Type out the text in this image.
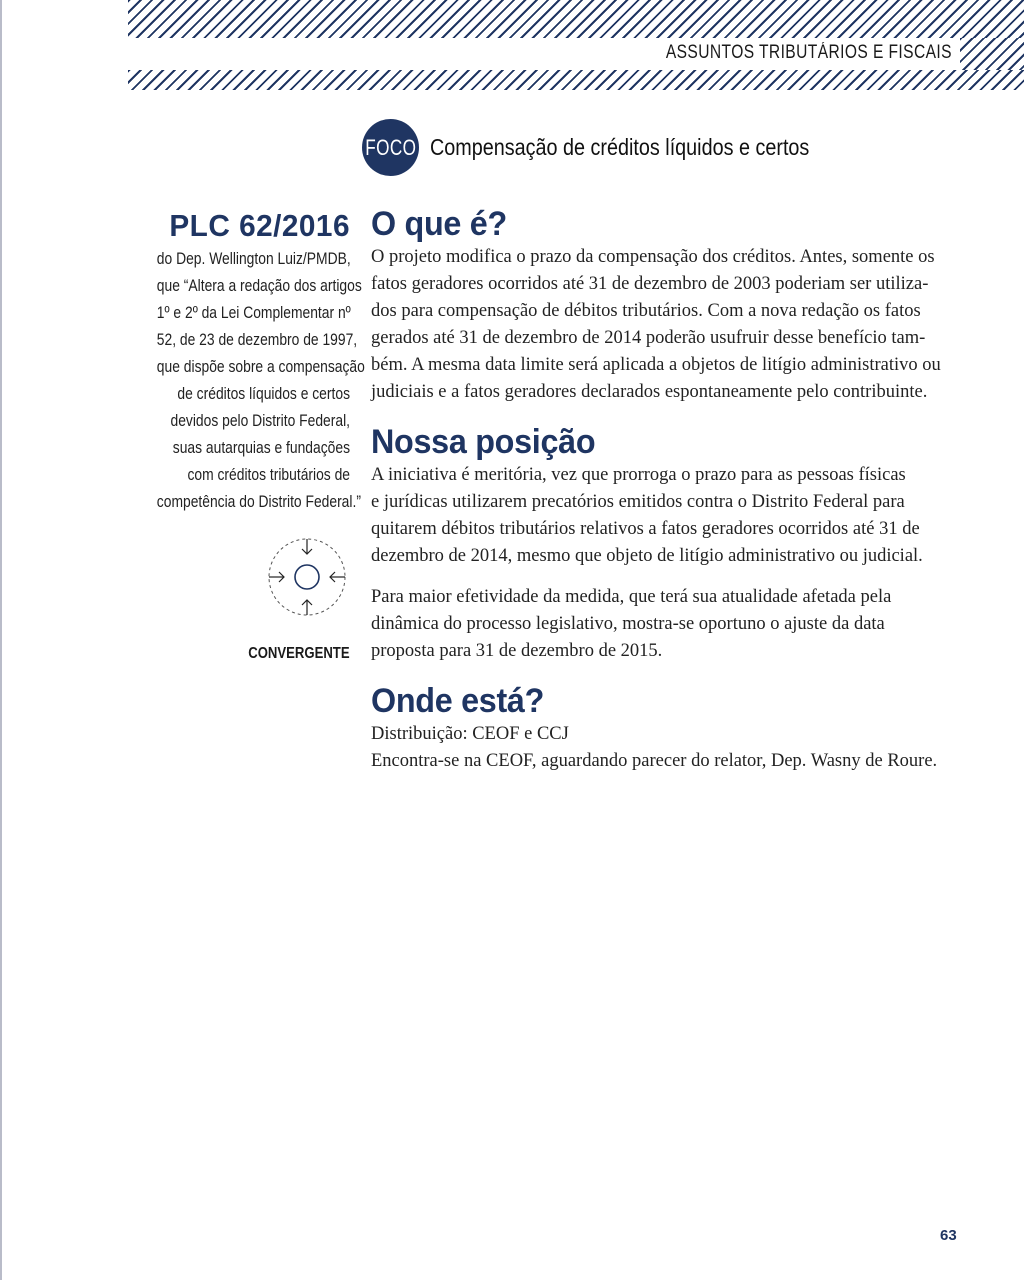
ASSUNTOS TRIBUTÁRIOS E FISCAIS
FOCO Compensação de créditos líquidos e certos
PLC 62/2016
do Dep. Wellington Luiz/PMDB,
que “Altera a redação dos artigos
1º e 2º da Lei Complementar nº
52, de 23 de dezembro de 1997,
que dispõe sobre a compensação
de créditos líquidos e certos
devidos pelo Distrito Federal,
suas autarquias e fundações
com créditos tributários de
competência do Distrito Federal.”
CONVERGENTE
O que é?

O projeto modifica o prazo da compensação dos créditos. Antes, somente os
fatos geradores ocorridos até 31 de dezembro de 2003 poderiam ser utiliza-
dos para compensação de débitos tributários. Com a nova redação os fatos
gerados até 31 de dezembro de 2014 poderão usufruir desse benefício tam-
bém. A mesma data limite será aplicada a objetos de litígio administrativo ou
judiciais e a fatos geradores declarados espontaneamente pelo contribuinte.

Nossa posição

A iniciativa é meritória, vez que prorroga o prazo para as pessoas físicas
e jurídicas utilizarem precatórios emitidos contra o Distrito Federal para
quitarem débitos tributários relativos a fatos geradores ocorridos até 31 de
dezembro de 2014, mesmo que objeto de litígio administrativo ou judicial.

Para maior efetividade da medida, que terá sua atualidade afetada pela
dinâmica do processo legislativo, mostra-se oportuno o ajuste da data
proposta para 31 de dezembro de 2015.

Onde está?

Distribuição: CEOF e CCJ
Encontra-se na CEOF, aguardando parecer do relator, Dep. Wasny de Roure.

63
